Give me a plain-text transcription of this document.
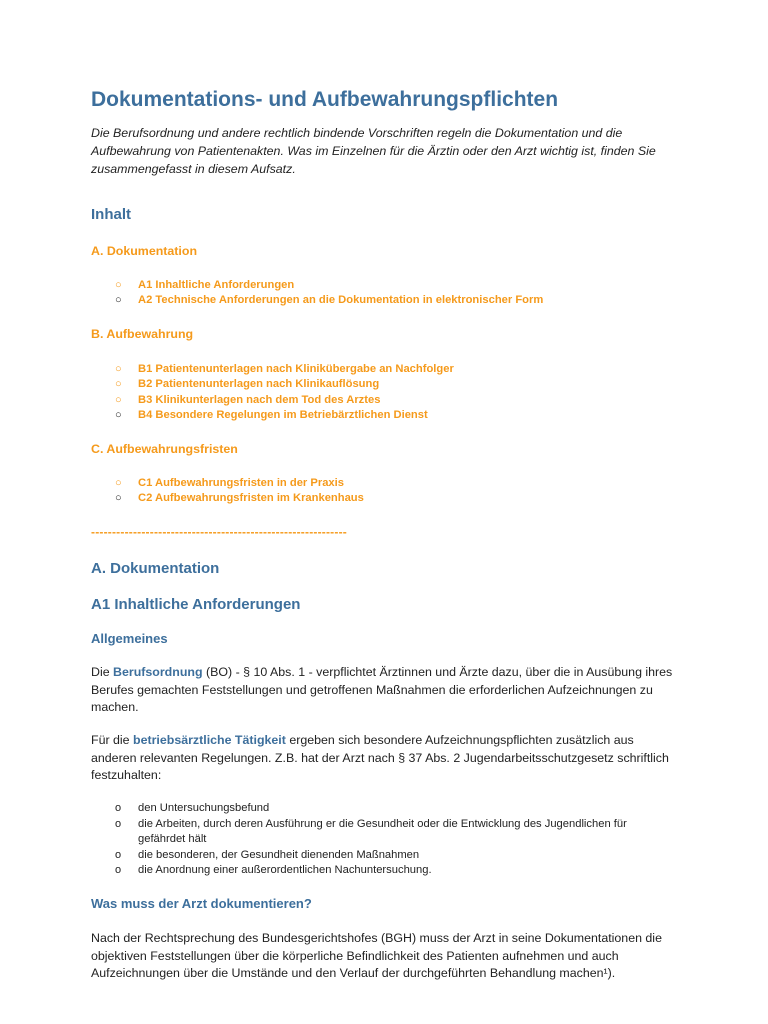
Dokumentations- und Aufbewahrungspflichten

Die Berufsordnung und andere rechtlich bindende Vorschriften regeln die Dokumentation und die Aufbewahrung von Patientenakten. Was im Einzelnen für die Ärztin oder den Arzt wichtig ist, finden Sie zusammengefasst in diesem Aufsatz.

Inhalt
A. Dokumentation
○	A1 Inhaltliche Anforderungen
○	A2 Technische Anforderungen an die Dokumentation in elektronischer Form
B. Aufbewahrung
○	B1 Patientenunterlagen nach Klinikübergabe an Nachfolger
○	B2 Patientenunterlagen nach Klinikauflösung
○	B3 Klinikunterlagen nach dem Tod des Arztes
○	B4 Besondere Regelungen im Betriebärztlichen Dienst
C. Aufbewahrungsfristen
○	C1 Aufbewahrungsfristen in der Praxis
○	C2 Aufbewahrungsfristen im Krankenhaus
-------------------------------------------------------------
A. Dokumentation
A1 Inhaltliche Anforderungen
Allgemeines

Die Berufsordnung (BO) - § 10 Abs. 1 - verpflichtet Ärztinnen und Ärzte dazu, über die in Ausübung ihres Berufes gemachten Feststellungen und getroffenen Maßnahmen die erforderlichen Aufzeichnungen zu machen.

Für die betriebsärztliche Tätigkeit ergeben sich besondere Aufzeichnungspflichten zusätzlich aus anderen relevanten Regelungen. Z.B. hat der Arzt nach § 37 Abs. 2 Jugendarbeitsschutzgesetz schriftlich festzuhalten:

o	den Untersuchungsbefund
o	die Arbeiten, durch deren Ausführung er die Gesundheit oder die Entwicklung des Jugendlichen für gefährdet hält
o	die besonderen, der Gesundheit dienenden Maßnahmen
o	die Anordnung einer außerordentlichen Nachuntersuchung.
Was muss der Arzt dokumentieren?

Nach der Rechtsprechung des Bundesgerichtshofes (BGH) muss der Arzt in seine Dokumentationen die objektiven Feststellungen über die körperliche Befindlichkeit des Patienten aufnehmen und auch Aufzeichnungen über die Umstände und den Verlauf der durchgeführten Behandlung machen¹).
